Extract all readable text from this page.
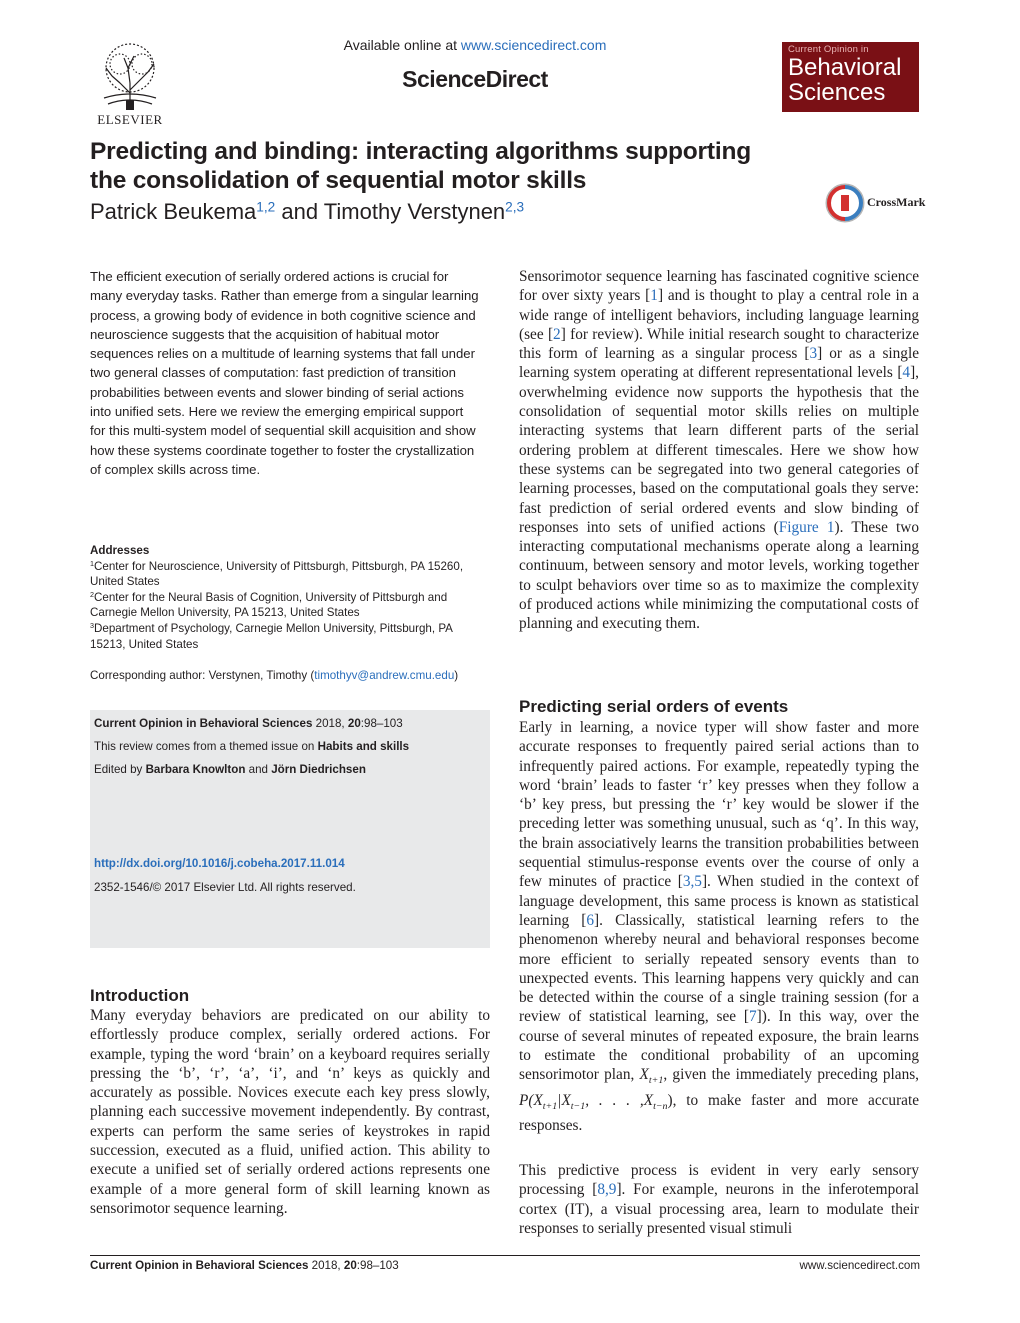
ELSEVIER
Available online at www.sciencedirect.com
ScienceDirect
Current Opinion in
Behavioral
Sciences
Predicting and binding: interacting algorithms supporting the consolidation of sequential motor skills
Patrick Beukema$^{1,2}$ and Timothy Verstynen$^{2,3}$	CrossMark
The efficient execution of serially ordered actions is crucial for many everyday tasks. Rather than emerge from a singular learning process, a growing body of evidence in both cognitive science and neuroscience suggests that the acquisition of habitual motor sequences relies on a multitude of learning systems that fall under two general classes of computation: fast prediction of transition probabilities between events and slower binding of serial actions into unified sets. Here we review the emerging empirical support for this multi-system model of sequential skill acquisition and show how these systems coordinate together to foster the crystallization of complex skills across time.
Addresses
$^1$Center for Neuroscience, University of Pittsburgh, Pittsburgh, PA 15260, United States
$^2$Center for the Neural Basis of Cognition, University of Pittsburgh and Carnegie Mellon University, PA 15213, United States
$^3$Department of Psychology, Carnegie Mellon University, Pittsburgh, PA 15213, United States
Corresponding author: Verstynen, Timothy (timothyv@andrew.cmu.edu)

Current Opinion in Behavioral Sciences 2018, 20:98–103

This review comes from a themed issue on Habits and skills

Edited by Barbara Knowlton and Jörn Diedrichsen

http://dx.doi.org/10.1016/j.cobeha.2017.11.014
2352-1546/© 2017 Elsevier Ltd. All rights reserved.
Introduction
Many everyday behaviors are predicated on our ability to effortlessly produce complex, serially ordered actions. For example, typing the word ‘brain’ on a keyboard requires serially pressing the ‘b’, ‘r’, ‘a’, ‘i’, and ‘n’ keys as quickly and accurately as possible. Novices execute each key press slowly, planning each successive movement independently. By contrast, experts can perform the same series of keystrokes in rapid succession, executed as a fluid, unified action. This ability to execute a unified set of serially ordered actions represents one example of a more general form of skill learning known as sensorimotor sequence learning.
Sensorimotor sequence learning has fascinated cognitive science for over sixty years [1] and is thought to play a central role in a wide range of intelligent behaviors, including language learning (see [2] for review). While initial research sought to characterize this form of learning as a singular process [3] or as a single learning system operating at different representational levels [4], overwhelming evidence now supports the hypothesis that the consolidation of sequential motor skills relies on multiple interacting systems that learn different parts of the serial ordering problem at different timescales. Here we show how these systems can be segregated into two general categories of learning processes, based on the computational goals they serve: fast prediction of serial ordered events and slow binding of responses into sets of unified actions (Figure 1). These two interacting computational mechanisms operate along a learning continuum, between sensory and motor levels, working together to sculpt behaviors over time so as to maximize the complexity of produced actions while minimizing the computational costs of planning and executing them.
Predicting serial orders of events
Early in learning, a novice typer will show faster and more accurate responses to frequently paired serial actions than to infrequently paired actions. For example, repeatedly typing the word ‘brain’ leads to faster ‘r’ key presses when they follow a ‘b’ key press, but pressing the ‘r’ key would be slower if the preceding letter was something unusual, such as ‘q’. In this way, the brain associatively learns the transition probabilities between sequential stimulus-response events over the course of only a few minutes of practice [3,5]. When studied in the context of language development, this same process is known as statistical learning [6]. Classically, statistical learning refers to the phenomenon whereby neural and behavioral responses become more efficient to serially repeated sensory events than to unexpected events. This learning happens very quickly and can be detected within the course of a single training session (for a review of statistical learning, see [7]). In this way, over the course of several minutes of repeated exposure, the brain learns to estimate the conditional probability of an upcoming sensorimotor plan, $X_{t+1}$, given the immediately preceding plans, $P(X_{t+1}|X_{t-1}$, . . . $,X_{t-n}$), to make faster and more accurate responses.
This predictive process is evident in very early sensory processing [8,9]. For example, neurons in the inferotemporal cortex (IT), a visual processing area, learn to modulate their responses to serially presented visual stimuli
Current Opinion in Behavioral Sciences 2018, 20:98–103	www.sciencedirect.com
